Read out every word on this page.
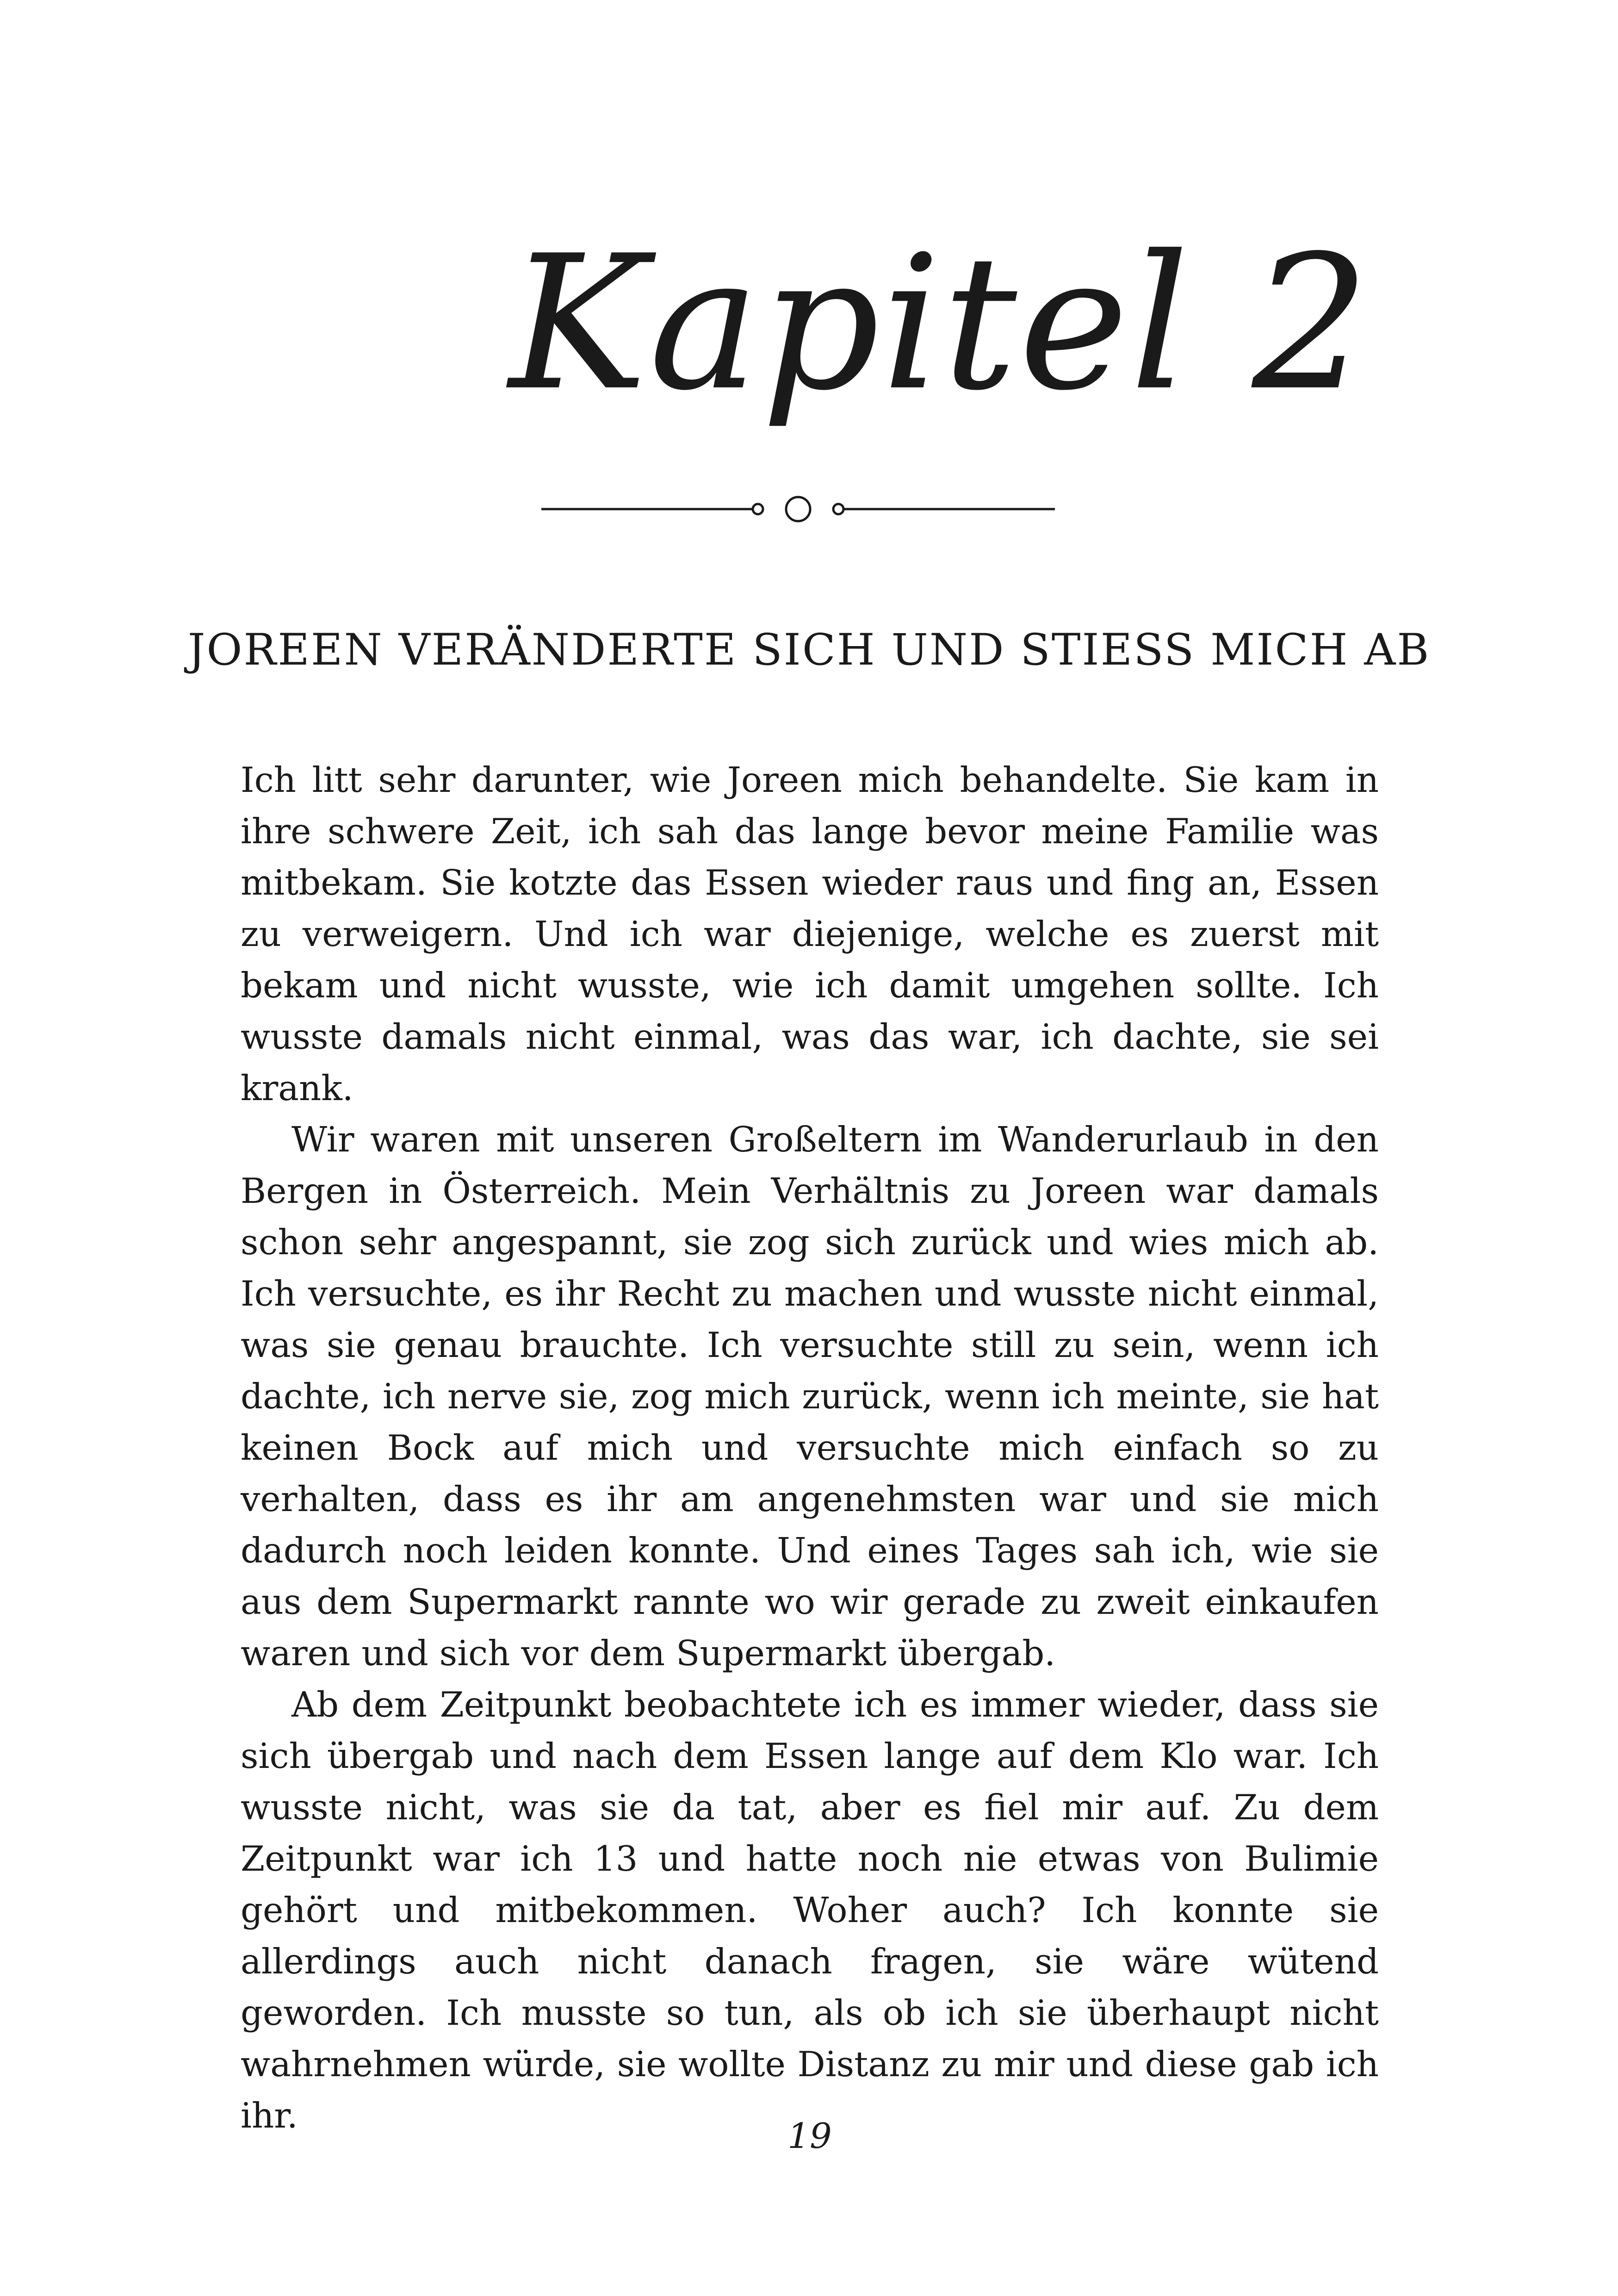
Kapitel 2
JOREEN VERÄNDERTE SICH UND STIESS MICH AB

Ich litt sehr darunter, wie Joreen mich behandelte. Sie kam in ihre schwere Zeit, ich sah das lange bevor meine Familie was mitbekam. Sie kotzte das Essen wieder raus und fing an, Essen zu verweigern. Und ich war diejenige, welche es zuerst mit bekam und nicht wusste, wie ich damit umgehen sollte. Ich wusste damals nicht einmal, was das war, ich dachte, sie sei krank.

Wir waren mit unseren Großeltern im Wanderurlaub in den Bergen in Österreich. Mein Verhältnis zu Joreen war damals schon sehr angespannt, sie zog sich zurück und wies mich ab. Ich versuchte, es ihr Recht zu machen und wusste nicht einmal, was sie genau brauchte. Ich versuchte still zu sein, wenn ich dachte, ich nerve sie, zog mich zurück, wenn ich meinte, sie hat keinen Bock auf mich und versuchte mich einfach so zu verhalten, dass es ihr am angenehmsten war und sie mich dadurch noch leiden konnte. Und eines Tages sah ich, wie sie aus dem Supermarkt rannte wo wir gerade zu zweit einkaufen waren und sich vor dem Supermarkt übergab.

Ab dem Zeitpunkt beobachtete ich es immer wieder, dass sie sich übergab und nach dem Essen lange auf dem Klo war. Ich wusste nicht, was sie da tat, aber es fiel mir auf. Zu dem Zeitpunkt war ich 13 und hatte noch nie etwas von Bulimie gehört und mitbekommen. Woher auch? Ich konnte sie allerdings auch nicht danach fragen, sie wäre wütend geworden. Ich musste so tun, als ob ich sie überhaupt nicht wahrnehmen würde, sie wollte Distanz zu mir und diese gab ich ihr.	19
